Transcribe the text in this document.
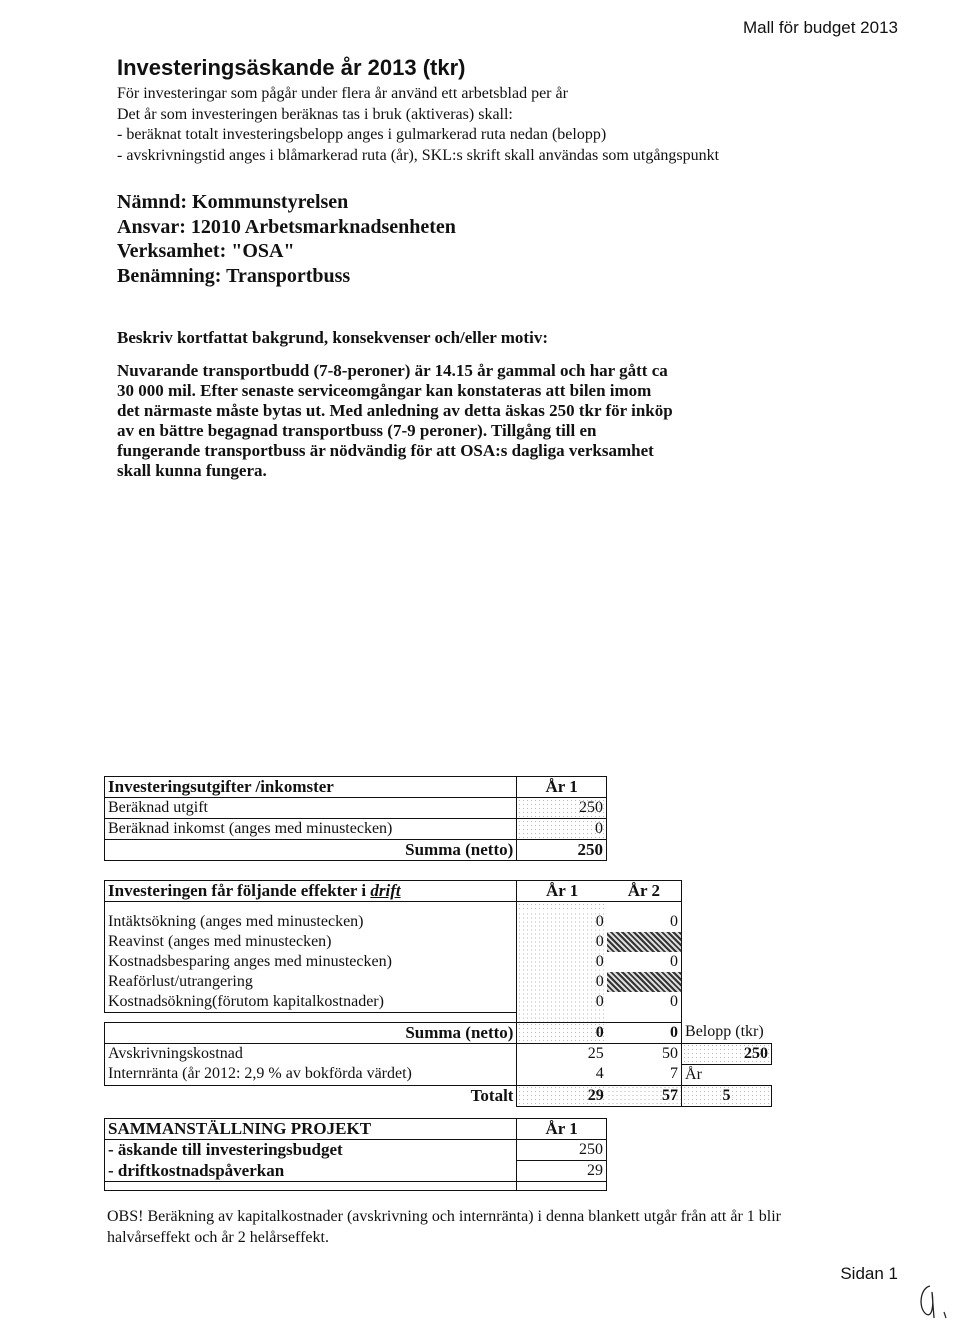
Mall för budget 2013
Investeringsäskande år 2013 (tkr)
För investeringar som pågår under flera år använd ett arbetsblad per år
Det år som investeringen beräknas tas i bruk (aktiveras) skall:
- beräknat totalt investeringsbelopp anges i gulmarkerad ruta nedan (belopp)
- avskrivningstid anges i blåmarkerad ruta (år), SKL:s skrift skall användas som utgångspunkt
Nämnd: Kommunstyrelsen
Ansvar: 12010 Arbetsmarknadsenheten
Verksamhet: "OSA"
Benämning: Transportbuss
Beskriv kortfattat bakgrund, konsekvenser och/eller motiv:
Nuvarande transportbudd (7-8-peroner) är 14.15 år gammal och har gått ca
30 000 mil. Efter senaste serviceomgångar kan konstateras att bilen imom
det närmaste måste bytas ut. Med anledning av detta äskas 250 tkr för inköp
av en bättre begagnad transportbuss (7-9 peroner). Tillgång till en
fungerande transportbuss är nödvändig för att OSA:s dagliga verksamhet
skall kunna fungera.
Investeringsutgifter /inkomster	År 1
Beräknad utgift	250
Beräknad inkomst (anges med minustecken)	0
Summa (netto)	250
Investeringen får följande effekter i drift	År 1	År 2	

Intäktsökning (anges med minustecken)	0	0	
Reavinst (anges med minustecken)	0		
Kostnadsbesparing anges med minustecken)	0	0	
Reaförlust/utrangering	0		
Kostnadsökning(förutom kapitalkostnader)	0	0	

Summa (netto)	0	0	Belopp (tkr)
Avskrivningskostnad	25	50	250
Internränta (år 2012: 2,9 % av bokförda värdet)	4	7	År
Totalt	29	57	5
SAMMANSTÄLLNING PROJEKT	År 1
- äskande till investeringsbudget	250
- driftkostnadspåverkan	29

OBS! Beräkning av kapitalkostnader (avskrivning och internränta) i denna blankett utgår från att år 1 blir halvårseffekt och år 2 helårseffekt.
Sidan 1
